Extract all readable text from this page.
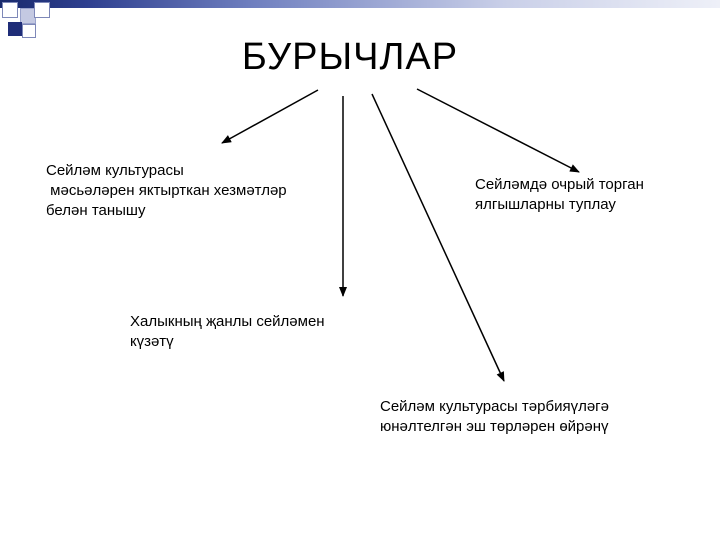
БУРЫЧЛАР
Сейләм культурасы
мәсьәләрен яктырткан хезмәтләр
белән танышу
Сейләмдә очрый торган
ялгышларны туплау
Халыкның җанлы сейләмен
күзәтү
Сейләм культурасы тәрбияүләгә
юнәлтелгән эш төрләрен өйрәнү
